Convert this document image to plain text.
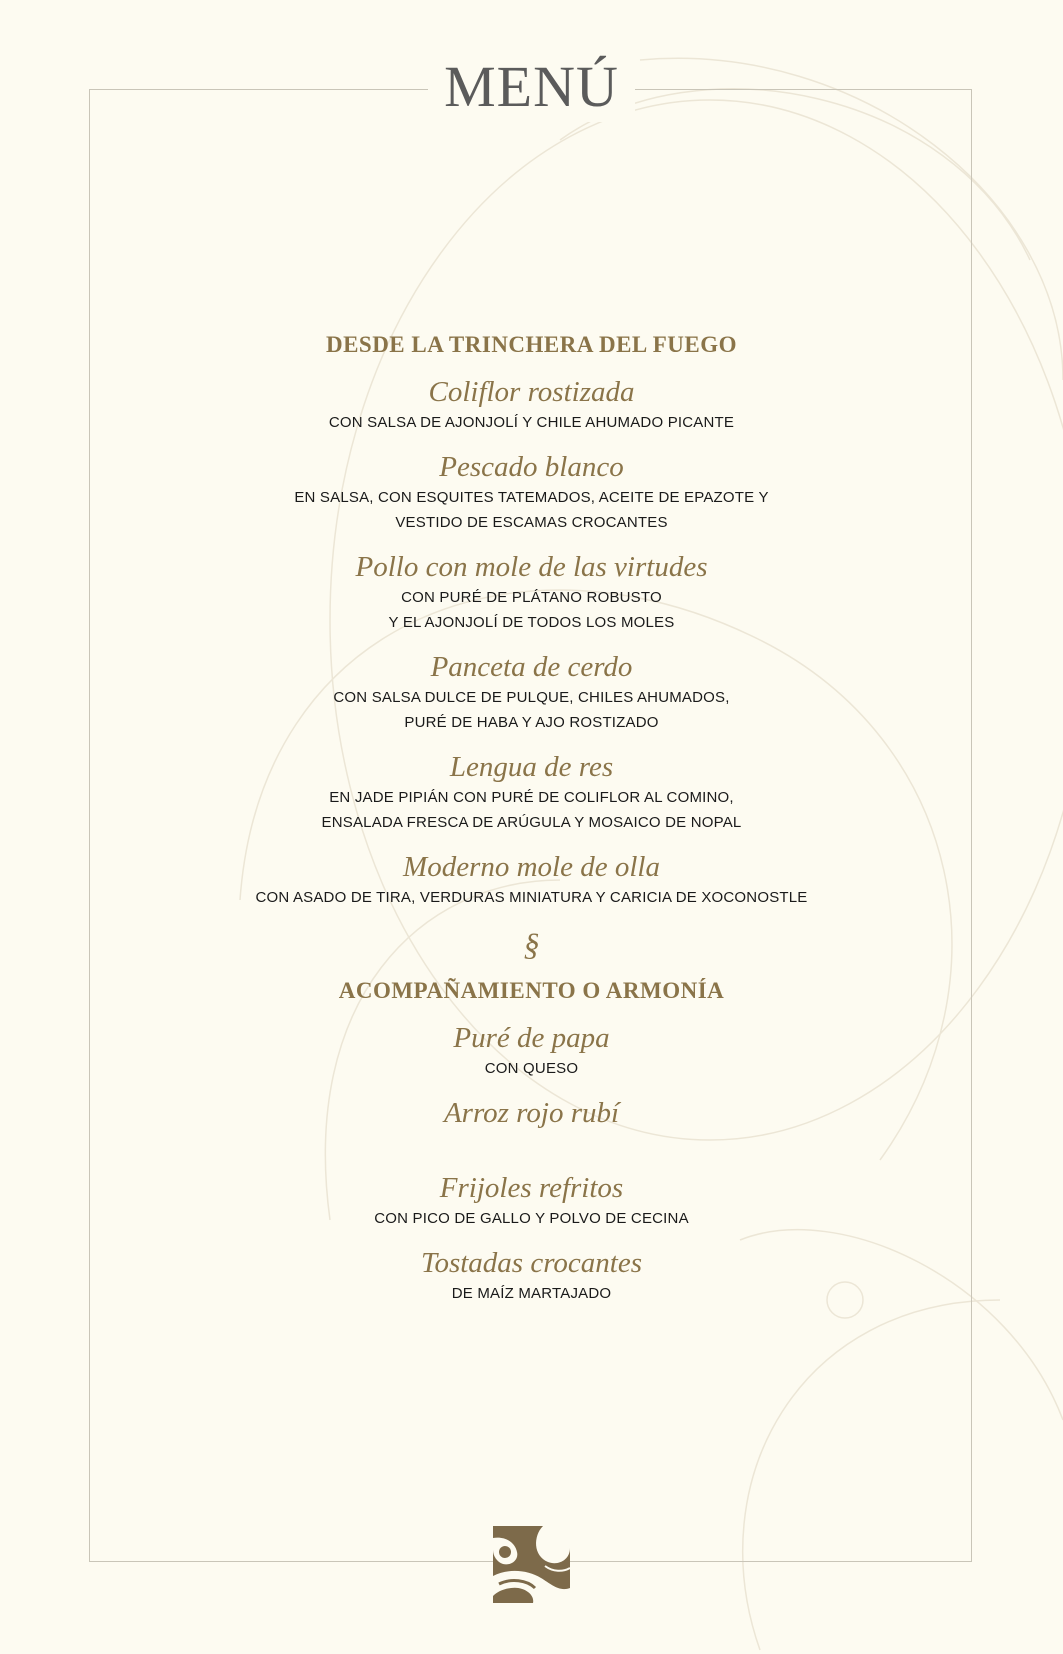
MENÚ
DESDE LA TRINCHERA DEL FUEGO

Coliflor rostizada

CON SALSA DE AJONJOLÍ Y CHILE AHUMADO PICANTE

Pescado blanco

EN SALSA, CON ESQUITES TATEMADOS, ACEITE DE EPAZOTE Y

VESTIDO DE ESCAMAS CROCANTES

Pollo con mole de las virtudes

CON PURÉ DE PLÁTANO ROBUSTO

Y EL AJONJOLÍ DE TODOS LOS MOLES

Panceta de cerdo

CON SALSA DULCE DE PULQUE, CHILES AHUMADOS,

PURÉ DE HABA Y AJO ROSTIZADO

Lengua de res

EN JADE PIPIÁN CON PURÉ DE COLIFLOR AL COMINO,

ENSALADA FRESCA DE ARÚGULA Y MOSAICO DE NOPAL

Moderno mole de olla

CON ASADO DE TIRA, VERDURAS MINIATURA Y CARICIA DE XOCONOSTLE

§

ACOMPAÑAMIENTO O ARMONÍA

Puré de papa

CON QUESO

Arroz rojo rubí

Frijoles refritos

CON PICO DE GALLO Y POLVO DE CECINA

Tostadas crocantes

DE MAÍZ MARTAJADO
